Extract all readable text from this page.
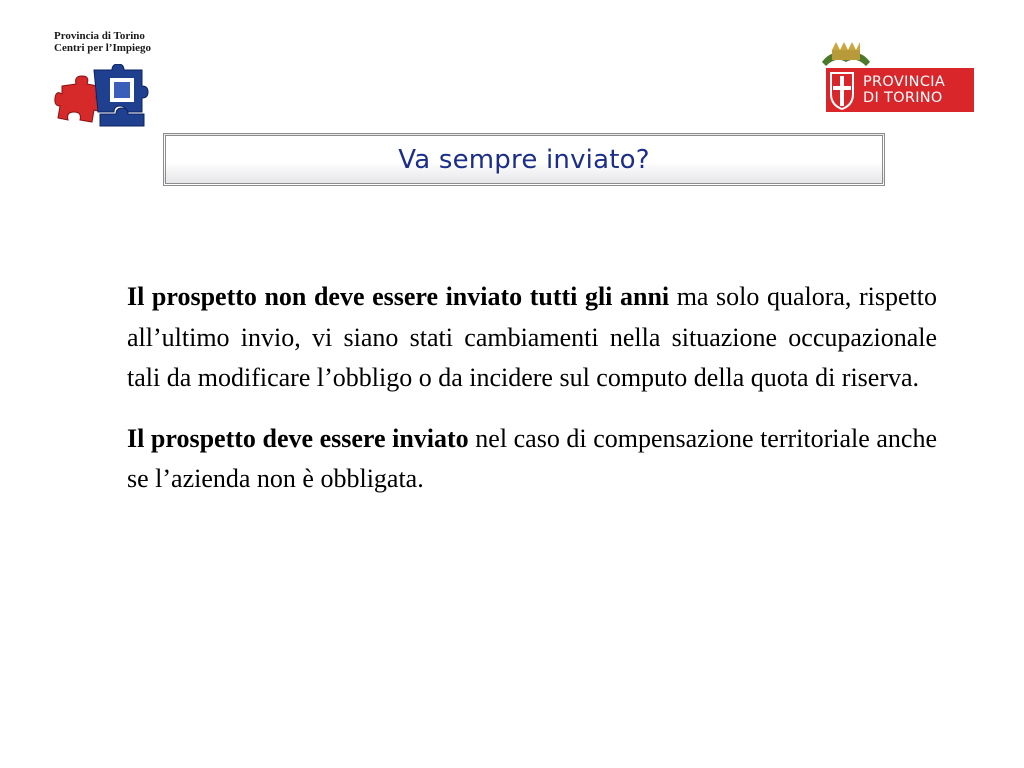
Provincia di Torino
Centri per l’Impiego
PROVINCIA
DI TORINO
Va sempre inviato?

Il prospetto non deve essere inviato tutti gli anni ma solo qualora, rispetto all’ultimo invio, vi siano stati cambiamenti nella situazione occupazionale tali da modificare l’obbligo o da incidere sul computo della quota di riserva.

Il prospetto deve essere inviato nel caso di compensazione territoriale anche se l’azienda non è obbligata.
